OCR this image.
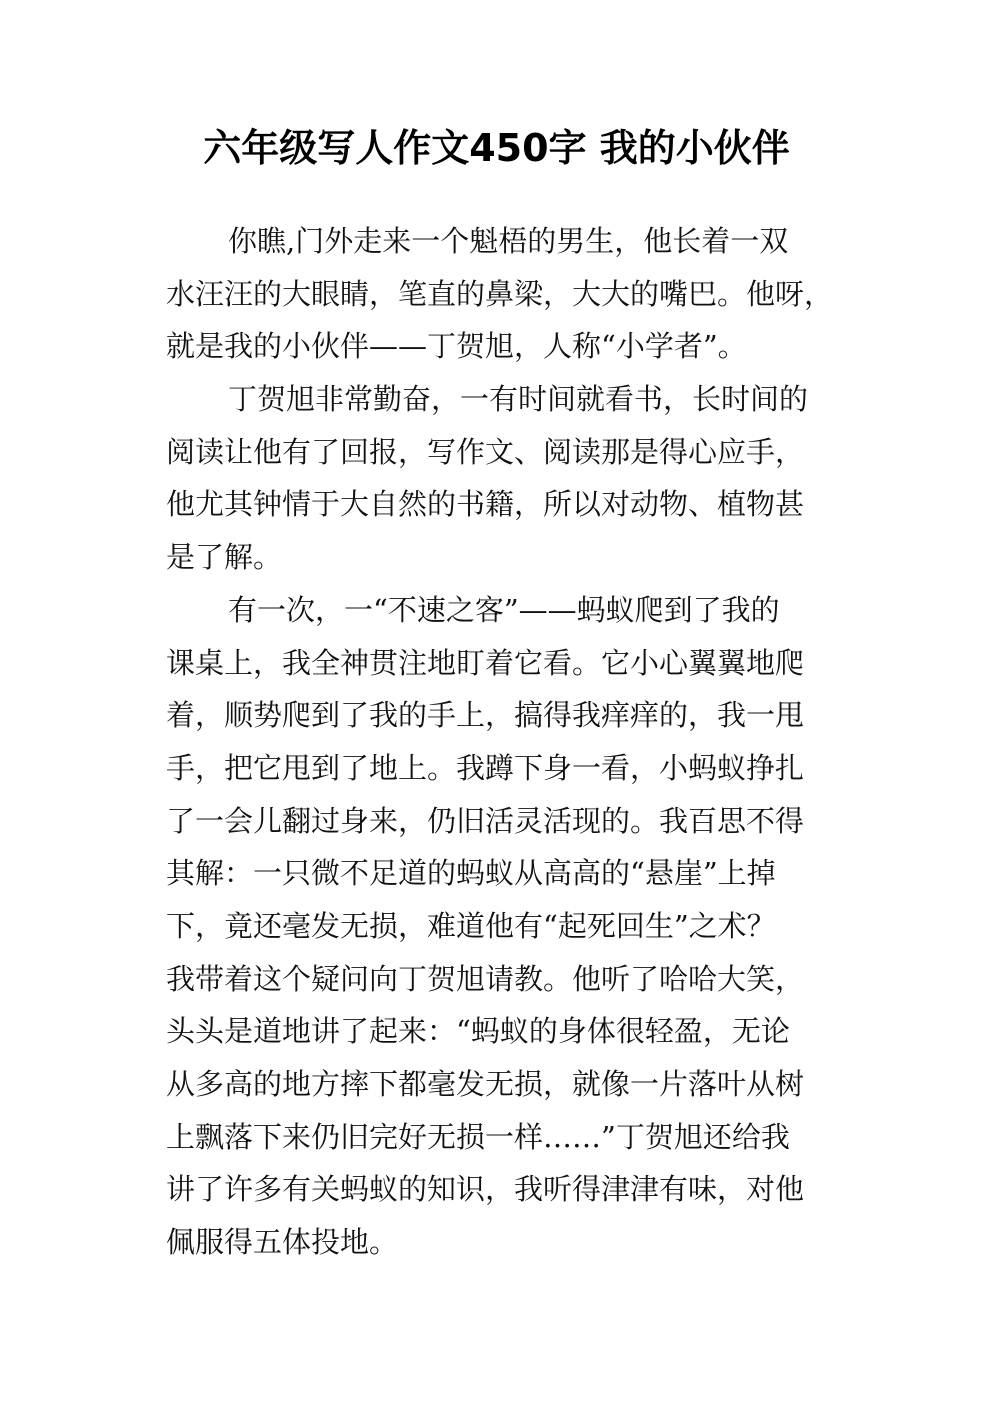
六年级写人作文450字 我的小伙伴
你瞧,门外走来一个魁梧的男生，他长着一双
水汪汪的大眼睛，笔直的鼻梁，大大的嘴巴。他呀，
就是我的小伙伴——丁贺旭，人称“小学者”。
丁贺旭非常勤奋，一有时间就看书，长时间的
阅读让他有了回报，写作文、阅读那是得心应手，
他尤其钟情于大自然的书籍，所以对动物、植物甚
是了解。
有一次，一“不速之客”——蚂蚁爬到了我的
课桌上，我全神贯注地盯着它看。它小心翼翼地爬
着，顺势爬到了我的手上，搞得我痒痒的，我一甩
手，把它甩到了地上。我蹲下身一看，小蚂蚁挣扎
了一会儿翻过身来，仍旧活灵活现的。我百思不得
其解：一只微不足道的蚂蚁从高高的“悬崖”上掉
下，竟还毫发无损，难道他有“起死回生”之术？
我带着这个疑问向丁贺旭请教。他听了哈哈大笑，
头头是道地讲了起来：“蚂蚁的身体很轻盈，无论
从多高的地方摔下都毫发无损，就像一片落叶从树
上飘落下来仍旧完好无损一样……”丁贺旭还给我
讲了许多有关蚂蚁的知识，我听得津津有味，对他
佩服得五体投地。
